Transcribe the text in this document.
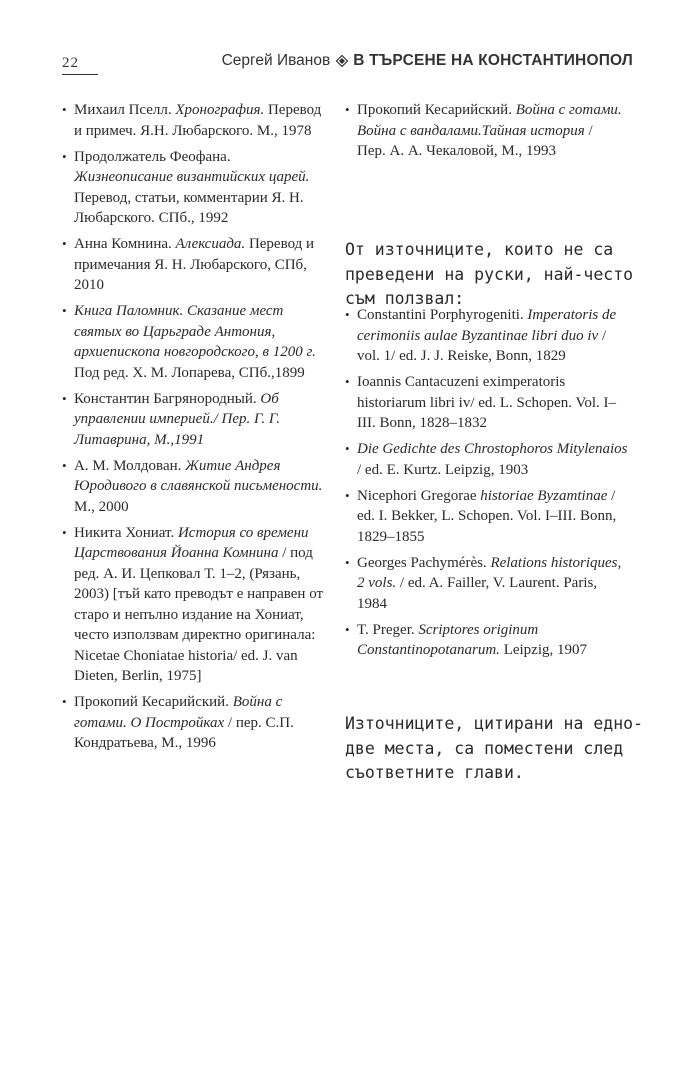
22	Сергей Иванов В ТЪРСЕНЕ НА КОНСТАНТИНОПОЛ
• Михаил Пселл. Хронография. Перевод и примеч. Я.Н. Любарского. М., 1978
• Продолжатель Феофана. Жизнеописание византийских царей. Перевод, статьи, комментарии Я. Н. Любарского. СПб., 1992
• Анна Комнина. Алексиада. Перевод и примечания Я. Н. Любарского, СПб, 2010
• Книга Паломник. Сказание мест святых во Царьграде Антония, архиепископа новгородского, в 1200 г. Под ред. Х. М. Лопарева, СПб.,1899
• Константин Багрянородный. Об управлении империей./ Пер. Г. Г. Литаврина, М.,1991
• А. М. Молдован. Житие Андрея Юродивого в славянской письмености. М., 2000
• Никита Хониат. История со времени Царствования Йоанна Комнина / под ред. А. И. Цепковал Т. 1–2, (Рязань, 2003) [тъй като преводът е направен от старо и непълно издание на Хониат, често използвам директно оригинала: Nicetae Choniatae historia/ ed. J. van Dieten, Berlin, 1975]
• Прокопий Кесарийский. Война с готами. О Постройках / пер. С.П. Кондратьева, М., 1996
• Прокопий Кесарийский. Война с готами. Война с вандалами.Тайная история / Пер. А. А. Чекаловой, М., 1993

От източниците, които не са преведени на руски, най-често съм ползвал:

• Constantini Porphyrogeniti. Imperatoris de cerimoniis aulae Byzantinae libri duo iv / vol. 1/ ed. J. J. Reiske, Bonn, 1829
• Ioannis Cantacuzeni eximperatoris historiarum libri iv/ ed. L. Schopen. Vol. I–III. Bonn, 1828–1832
• Die Gedichte des Chrostophoros Mitylenaios / ed. E. Kurtz. Leipzig, 1903
• Nicephori Gregorae historiae Byzamtinae / ed. I. Bekker, L. Schopen. Vol. I–III. Bonn, 1829–1855
• Georges Pachymérès. Relations historiques, 2 vols. / ed. A. Failler, V. Laurent. Paris, 1984
• T. Preger. Scriptores originum Constantinopotanarum. Leipzig, 1907

Източниците, цитирани на едно-две места, са поместени след съответните глави.
